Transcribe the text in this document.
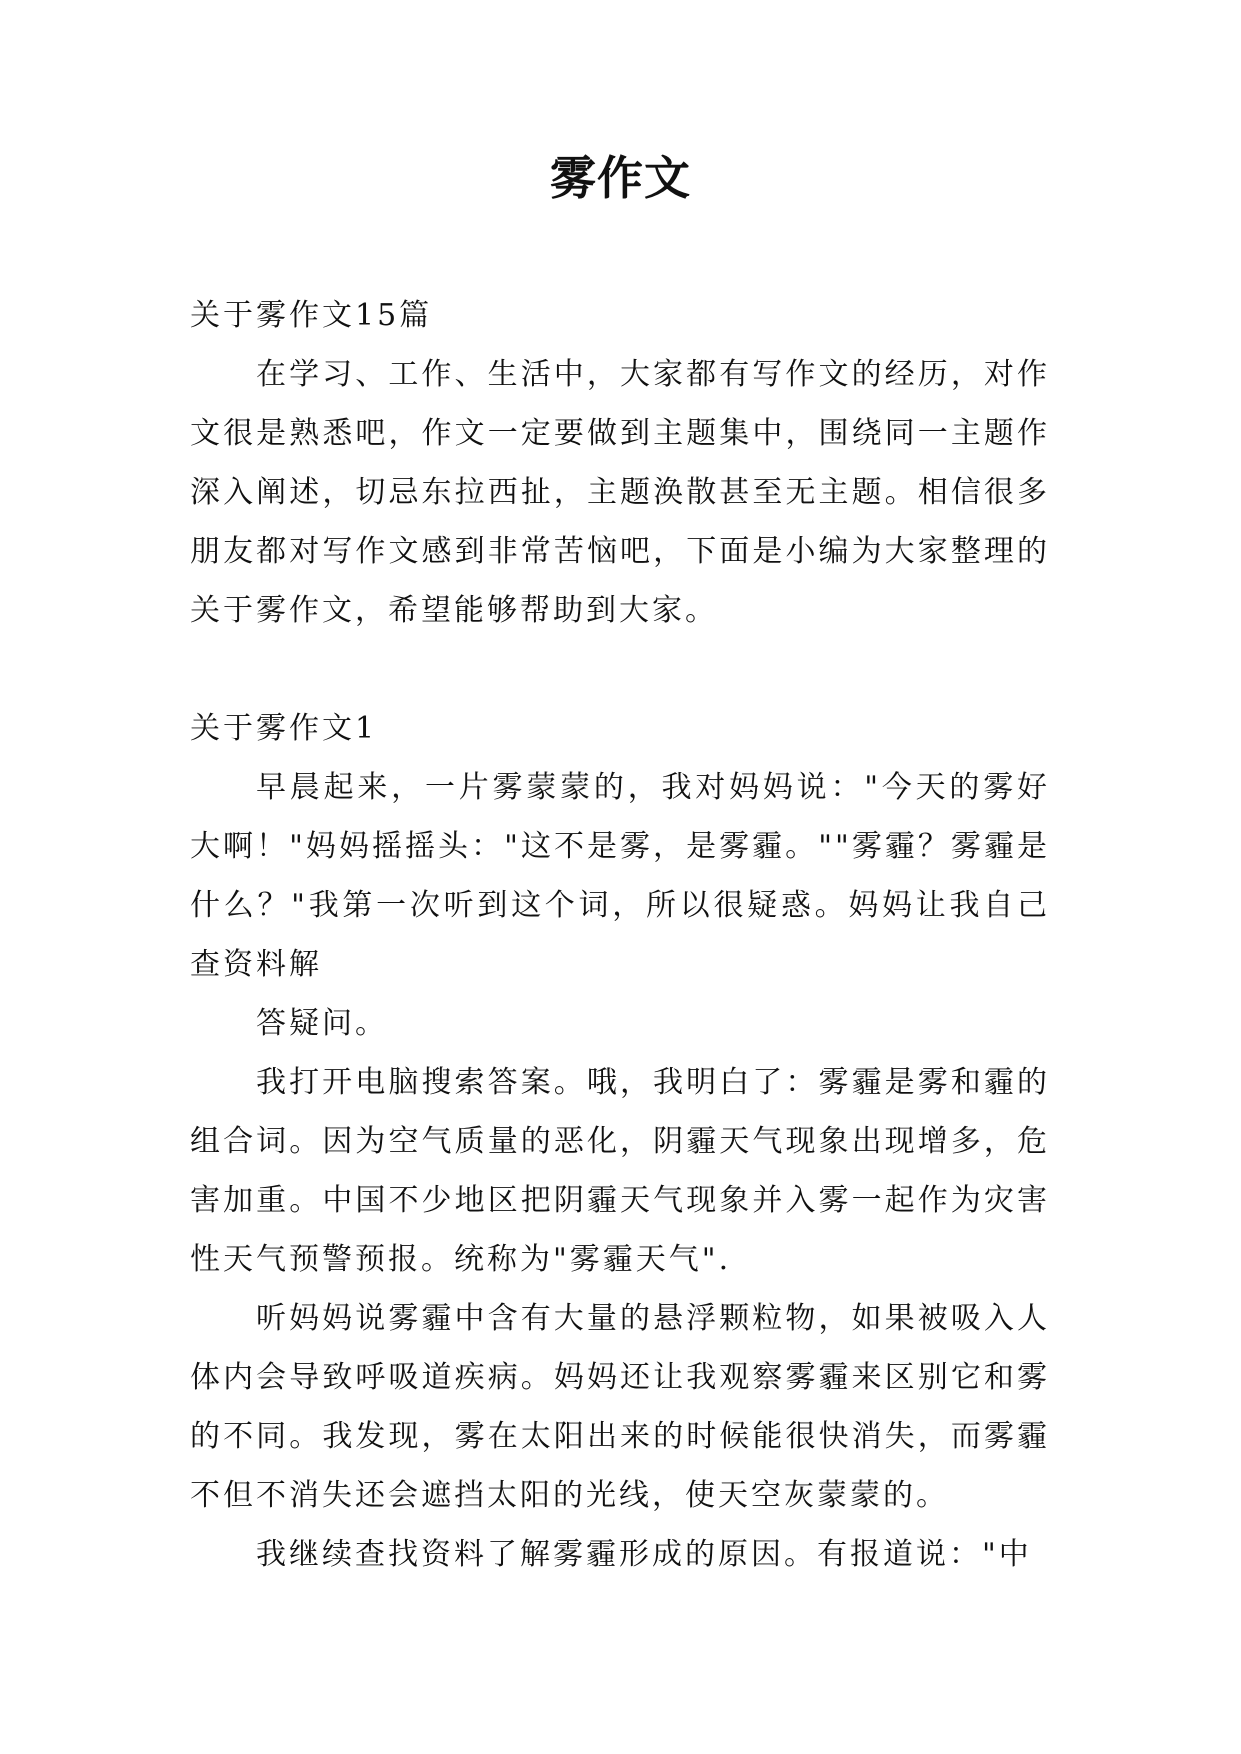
雾作文

关于雾作文15篇

在学习、工作、生活中，大家都有写作文的经历，对作文很是熟悉吧，作文一定要做到主题集中，围绕同一主题作深入阐述，切忌东拉西扯，主题涣散甚至无主题。相信很多朋友都对写作文感到非常苦恼吧，下面是小编为大家整理的关于雾作文，希望能够帮助到大家。

关于雾作文1

早晨起来，一片雾蒙蒙的，我对妈妈说："今天的雾好大啊！"妈妈摇摇头："这不是雾，是雾霾。""雾霾？雾霾是什么？"我第一次听到这个词，所以很疑惑。妈妈让我自己查资料解

答疑问。

我打开电脑搜索答案。哦，我明白了：雾霾是雾和霾的组合词。因为空气质量的恶化，阴霾天气现象出现增多，危害加重。中国不少地区把阴霾天气现象并入雾一起作为灾害性天气预警预报。统称为"雾霾天气".

听妈妈说雾霾中含有大量的悬浮颗粒物，如果被吸入人体内会导致呼吸道疾病。妈妈还让我观察雾霾来区别它和雾的不同。我发现，雾在太阳出来的时候能很快消失，而雾霾不但不消失还会遮挡太阳的光线，使天空灰蒙蒙的。

我继续查找资料了解雾霾形成的原因。有报道说："中
